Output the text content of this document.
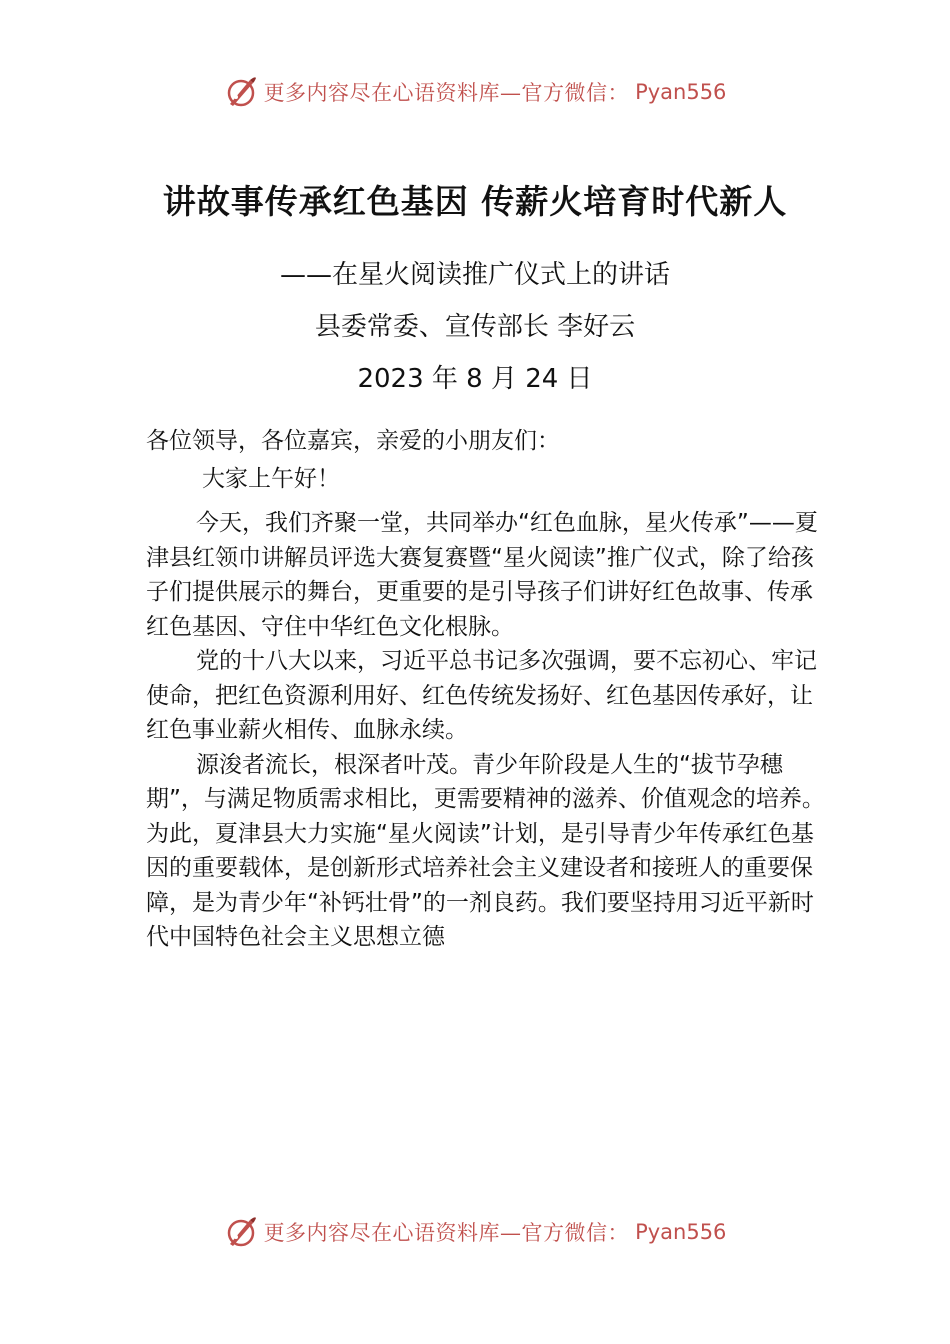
更多内容尽在心语资料库—官方微信： Pyan556
讲故事传承红色基因 传薪火培育时代新人
——在星火阅读推广仪式上的讲话
县委常委、宣传部长 李好云
2023 年 8 月 24 日

各位领导，各位嘉宾，亲爱的小朋友们：

大家上午好！

今天，我们齐聚一堂，共同举办“红色血脉，星火传承”——夏津县红领巾讲解员评选大赛复赛暨“星火阅读”推广仪式，除了给孩子们提供展示的舞台，更重要的是引导孩子们讲好红色故事、传承红色基因、守住中华红色文化根脉。

党的十八大以来，习近平总书记多次强调，要不忘初心、牢记使命，把红色资源利用好、红色传统发扬好、红色基因传承好，让红色事业薪火相传、血脉永续。

源浚者流长，根深者叶茂。青少年阶段是人生的“拔节孕穗期”，与满足物质需求相比，更需要精神的滋养、价值观念的培养。为此，夏津县大力实施“星火阅读”计划，是引导青少年传承红色基因的重要载体，是创新形式培养社会主义建设者和接班人的重要保障，是为青少年“补钙壮骨”的一剂良药。我们要坚持用习近平新时代中国特色社会主义思想立德

更多内容尽在心语资料库—官方微信： Pyan556
